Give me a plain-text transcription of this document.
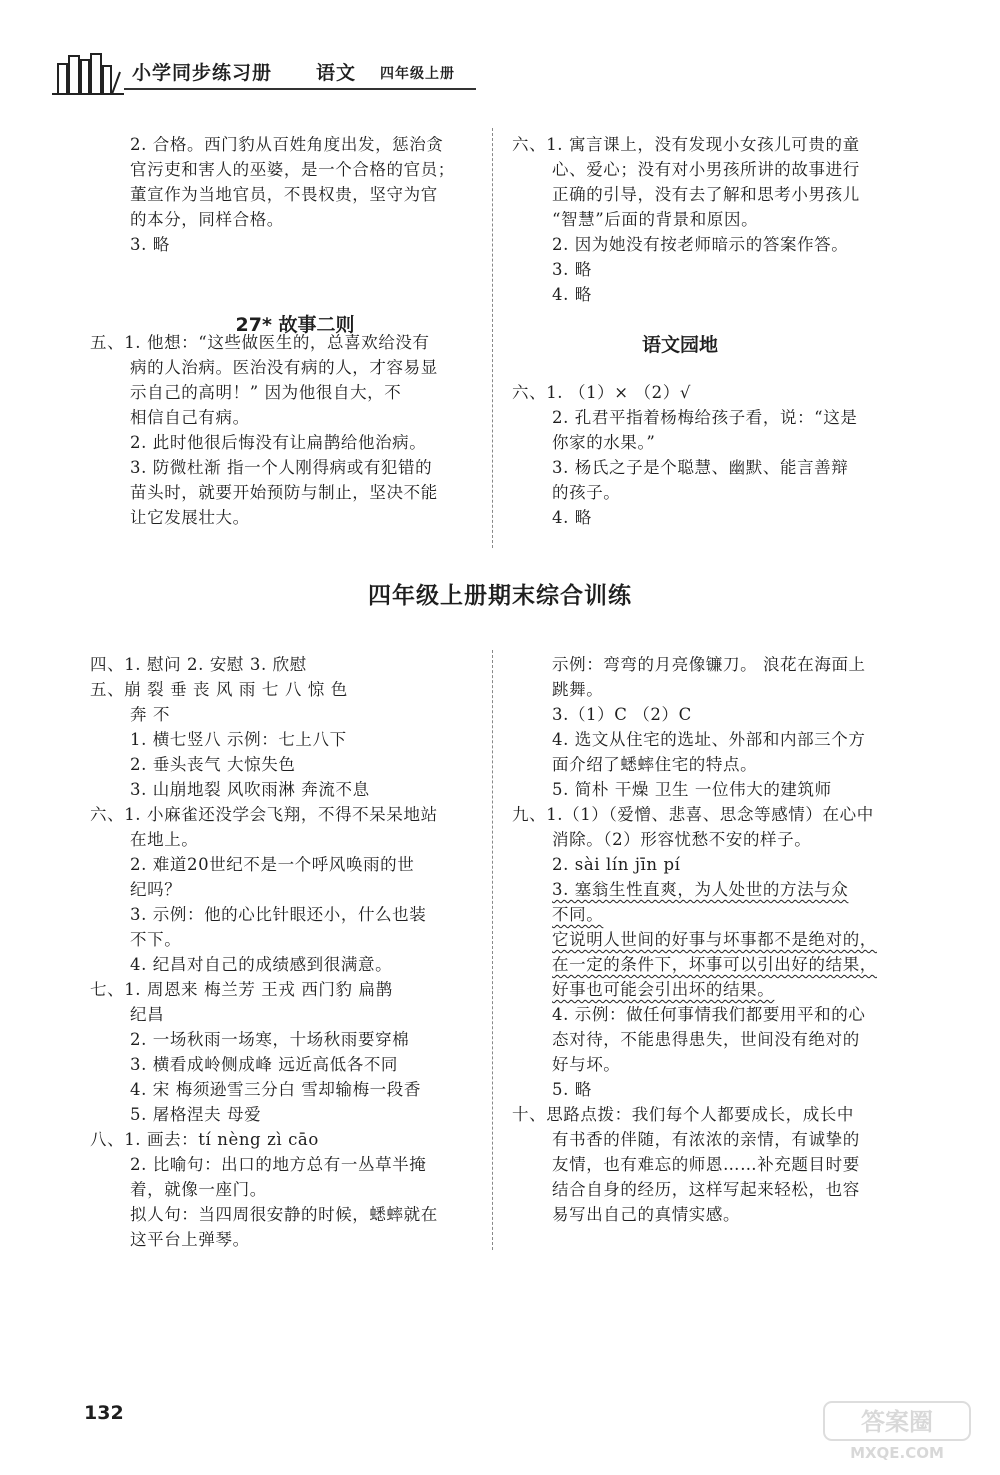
小学同步练习册 语文 四年级上册
2. 合格。西门豹从百姓角度出发，惩治贪
官污吏和害人的巫婆，是一个合格的官员；
董宣作为当地官员，不畏权贵，坚守为官
的本分，同样合格。
3. 略
27* 故事二则
五、1. 他想：“这些做医生的，总喜欢给没有
病的人治病。医治没有病的人，才容易显
示自己的高明！” 因为他很自大，不
相信自己有病。
2. 此时他很后悔没有让扁鹊给他治病。
3. 防微杜渐 指一个人刚得病或有犯错的
苗头时，就要开始预防与制止，坚决不能
让它发展壮大。
六、1. 寓言课上，没有发现小女孩儿可贵的童
心、爱心；没有对小男孩所讲的故事进行
正确的引导，没有去了解和思考小男孩儿
“智慧”后面的背景和原因。
2. 因为她没有按老师暗示的答案作答。
3. 略
4. 略
语文园地
六、1. （1）× （2）√
2. 孔君平指着杨梅给孩子看，说：“这是
你家的水果。”
3. 杨氏之子是个聪慧、幽默、能言善辩
的孩子。
4. 略
四年级上册期末综合训练
四、1. 慰问 2. 安慰 3. 欣慰
五、崩 裂 垂 丧 风 雨 七 八 惊 色
奔 不
1. 横七竖八 示例：七上八下
2. 垂头丧气 大惊失色
3. 山崩地裂 风吹雨淋 奔流不息
六、1. 小麻雀还没学会飞翔，不得不呆呆地站
在地上。
2. 难道20世纪不是一个呼风唤雨的世
纪吗？
3. 示例：他的心比针眼还小，什么也装
不下。
4. 纪昌对自己的成绩感到很满意。
七、1. 周恩来 梅兰芳 王戎 西门豹 扁鹊
纪昌
2. 一场秋雨一场寒，十场秋雨要穿棉
3. 横看成岭侧成峰 远近高低各不同
4. 宋 梅须逊雪三分白 雪却输梅一段香
5. 屠格涅夫 母爱
八、1. 画去：tí nèng zì cāo
2. 比喻句：出口的地方总有一丛草半掩
着，就像一座门。
拟人句：当四周很安静的时候，蟋蟀就在
这平台上弹琴。
示例：弯弯的月亮像镰刀。 浪花在海面上
跳舞。
3.（1）C （2）C
4. 选文从住宅的选址、外部和内部三个方
面介绍了蟋蟀住宅的特点。
5. 简朴 干燥 卫生 一位伟大的建筑师
九、1.（1）（爱憎、悲喜、思念等感情）在心中
消除。（2）形容忧愁不安的样子。
2. sài lín jīn pí
3. 塞翁生性直爽，为人处世的方法与众
不同。
它说明人世间的好事与坏事都不是绝对的，
在一定的条件下，坏事可以引出好的结果，
好事也可能会引出坏的结果。
4. 示例：做任何事情我们都要用平和的心
态对待，不能患得患失，世间没有绝对的
好与坏。
5. 略
十、思路点拨：我们每个人都要成长，成长中
有书香的伴随，有浓浓的亲情，有诚挚的
友情，也有难忘的师恩……补充题目时要
结合自身的经历，这样写起来轻松，也容
易写出自己的真情实感。
132	答案圈
MXQE.COM
